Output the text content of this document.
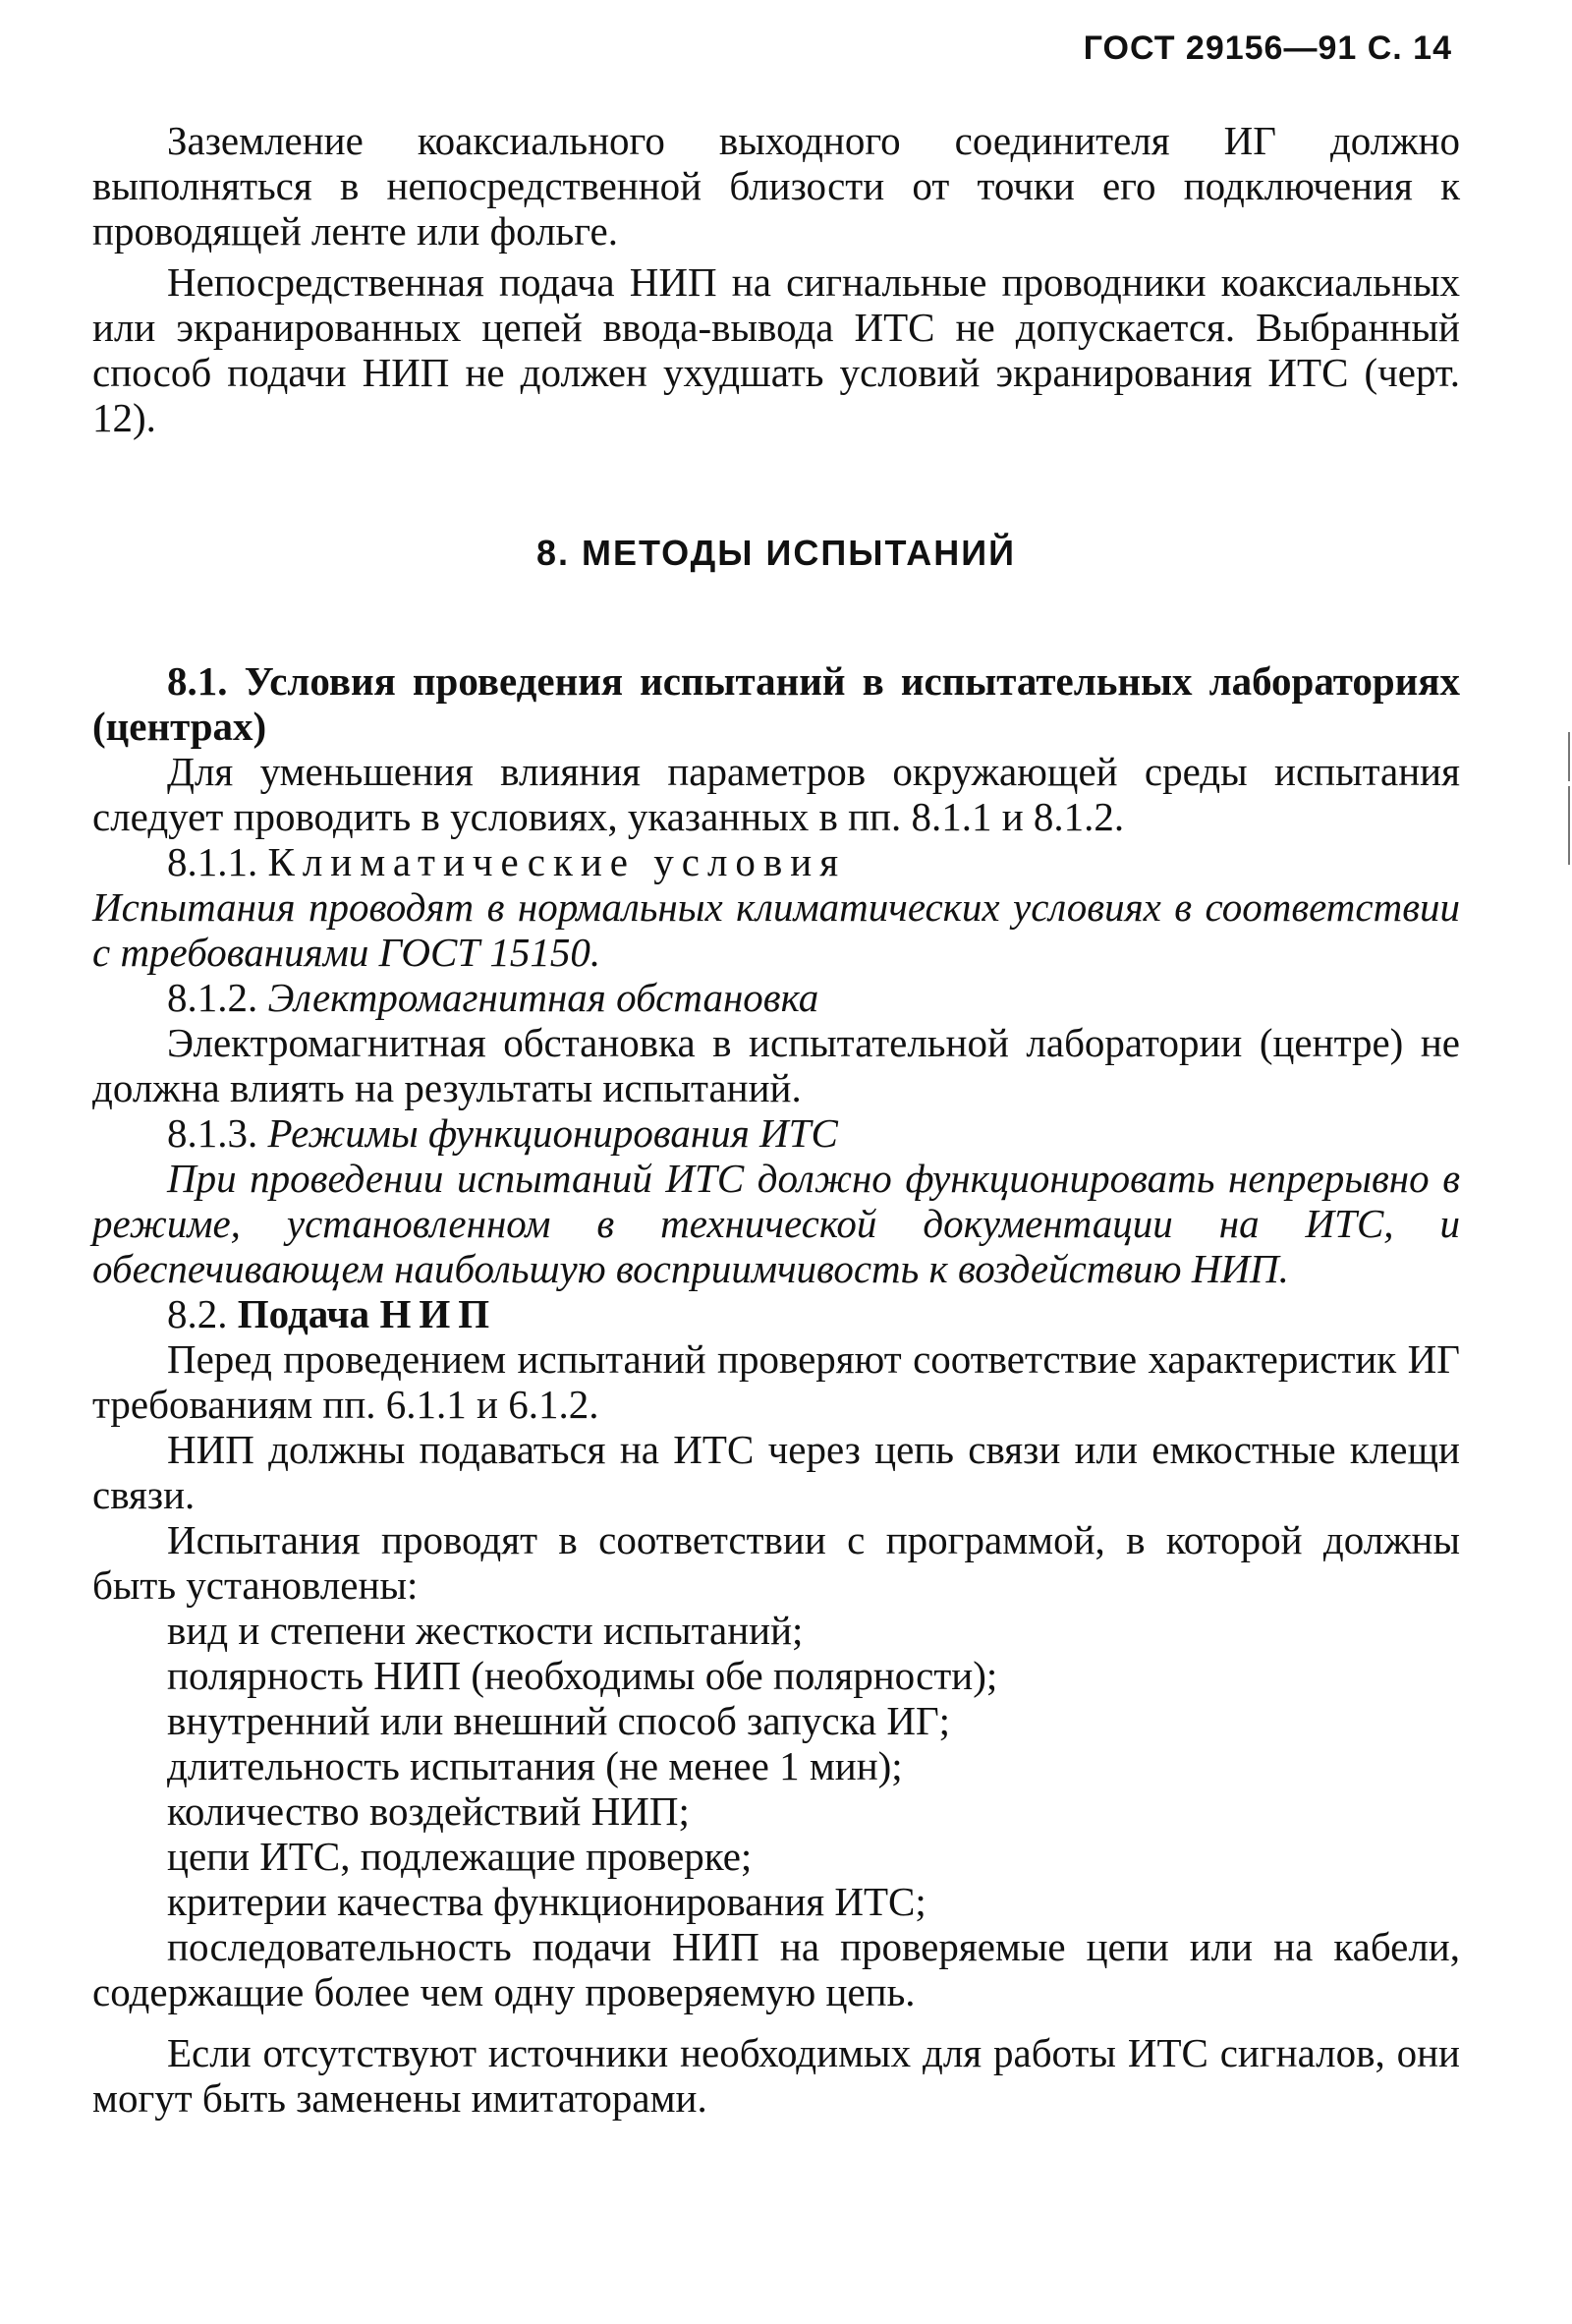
ГОСТ 29156—91 С. 14

Заземление коаксиального выходного соединителя ИГ должно выполняться в непосредственной близости от точки его подключения к проводящей ленте или фольге.

Непосредственная подача НИП на сигнальные проводники коаксиальных или экранированных цепей ввода-вывода ИТС не допускается. Выбранный способ подачи НИП не должен ухудшать условий экранирования ИТС (черт. 12).

8. МЕТОДЫ ИСПЫТАНИЙ

8.1. Условия проведения испытаний в испытательных лабораториях (центрах)

Для уменьшения влияния параметров окружающей среды испытания следует проводить в условиях, указанных в пп. 8.1.1 и 8.1.2.

8.1.1. Климатические условия

Испытания проводят в нормальных климатических условиях в соответствии с требованиями ГОСТ 15150.

8.1.2. Электромагнитная обстановка

Электромагнитная обстановка в испытательной лаборатории (центре) не должна влиять на результаты испытаний.

8.1.3. Режимы функционирования ИТС

При проведении испытаний ИТС должно функционировать непрерывно в режиме, установленном в технической документации на ИТС, и обеспечивающем наибольшую восприимчивость к воздействию НИП.

8.2. Подача НИП

Перед проведением испытаний проверяют соответствие характеристик ИГ требованиям пп. 6.1.1 и 6.1.2.

НИП должны подаваться на ИТС через цепь связи или емкостные клещи связи.

Испытания проводят в соответствии с программой, в которой должны быть установлены:

вид и степени жесткости испытаний;

полярность НИП (необходимы обе полярности);

внутренний или внешний способ запуска ИГ;

длительность испытания (не менее 1 мин);

количество воздействий НИП;

цепи ИТС, подлежащие проверке;

критерии качества функционирования ИТС;

последовательность подачи НИП на проверяемые цепи или на кабели, содержащие более чем одну проверяемую цепь.

Если отсутствуют источники необходимых для работы ИТС сигналов, они могут быть заменены имитаторами.
